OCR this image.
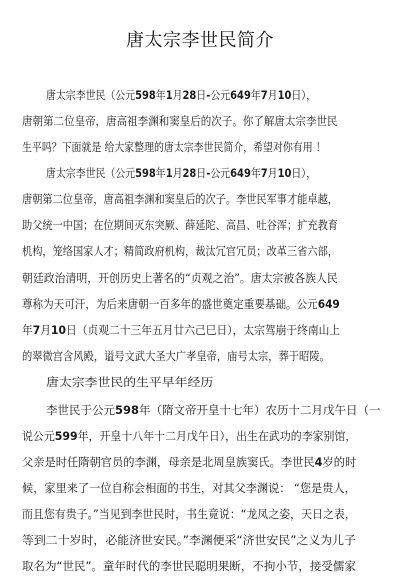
唐太宗李世民简介
唐太宗李世民（公元598年1月28日-公元649年7月10日），
唐朝第二位皇帝，唐高祖李渊和窦皇后的次子。你了解唐太宗李世民
生平吗？下面就是 给大家整理的唐太宗李世民简介，希望对你有用 ！
唐太宗李世民（公元598年1月28日-公元649年7月10日），
唐朝第二位皇帝，唐高祖李渊和窦皇后的次子。李世民军事才能卓越，
助父统一中国；在位期间灭东突厥、薛延陀、高昌、吐谷浑；扩充教育
机构，笼络国家人才；精简政府机构，裁汰冗官冗员；改革三省六部，
朝廷政治清明，开创历史上著名的“贞观之治”。唐太宗被各族人民
尊称为天可汗，为后来唐朝一百多年的盛世奠定重要基础。公元649
年7月10日（贞观二十三年五月廿六己巳日），太宗驾崩于终南山上
的翠微宫含风殿，谥号文武大圣大广孝皇帝，庙号太宗，葬于昭陵。
唐太宗李世民的生平早年经历
李世民于公元598年（隋文帝开皇十七年）农历十二月戊午日（一
说公元599年，开皇十八年十二月戊午日），出生在武功的李家别馆，
父亲是时任隋朝官员的李渊，母亲是北周皇族窦氏。李世民4岁的时
候，家里来了一位自称会相面的书生，对其父李渊说： “您是贵人，
而且您有贵子。”当见到李世民时，书生竟说：“龙凤之姿，天日之表，
等到二十岁时，必能济世安民。”李渊便采“济世安民”之义为儿子
取名为“世民”。童年时代的李世民聪明果断，不拘小节，接受儒家
